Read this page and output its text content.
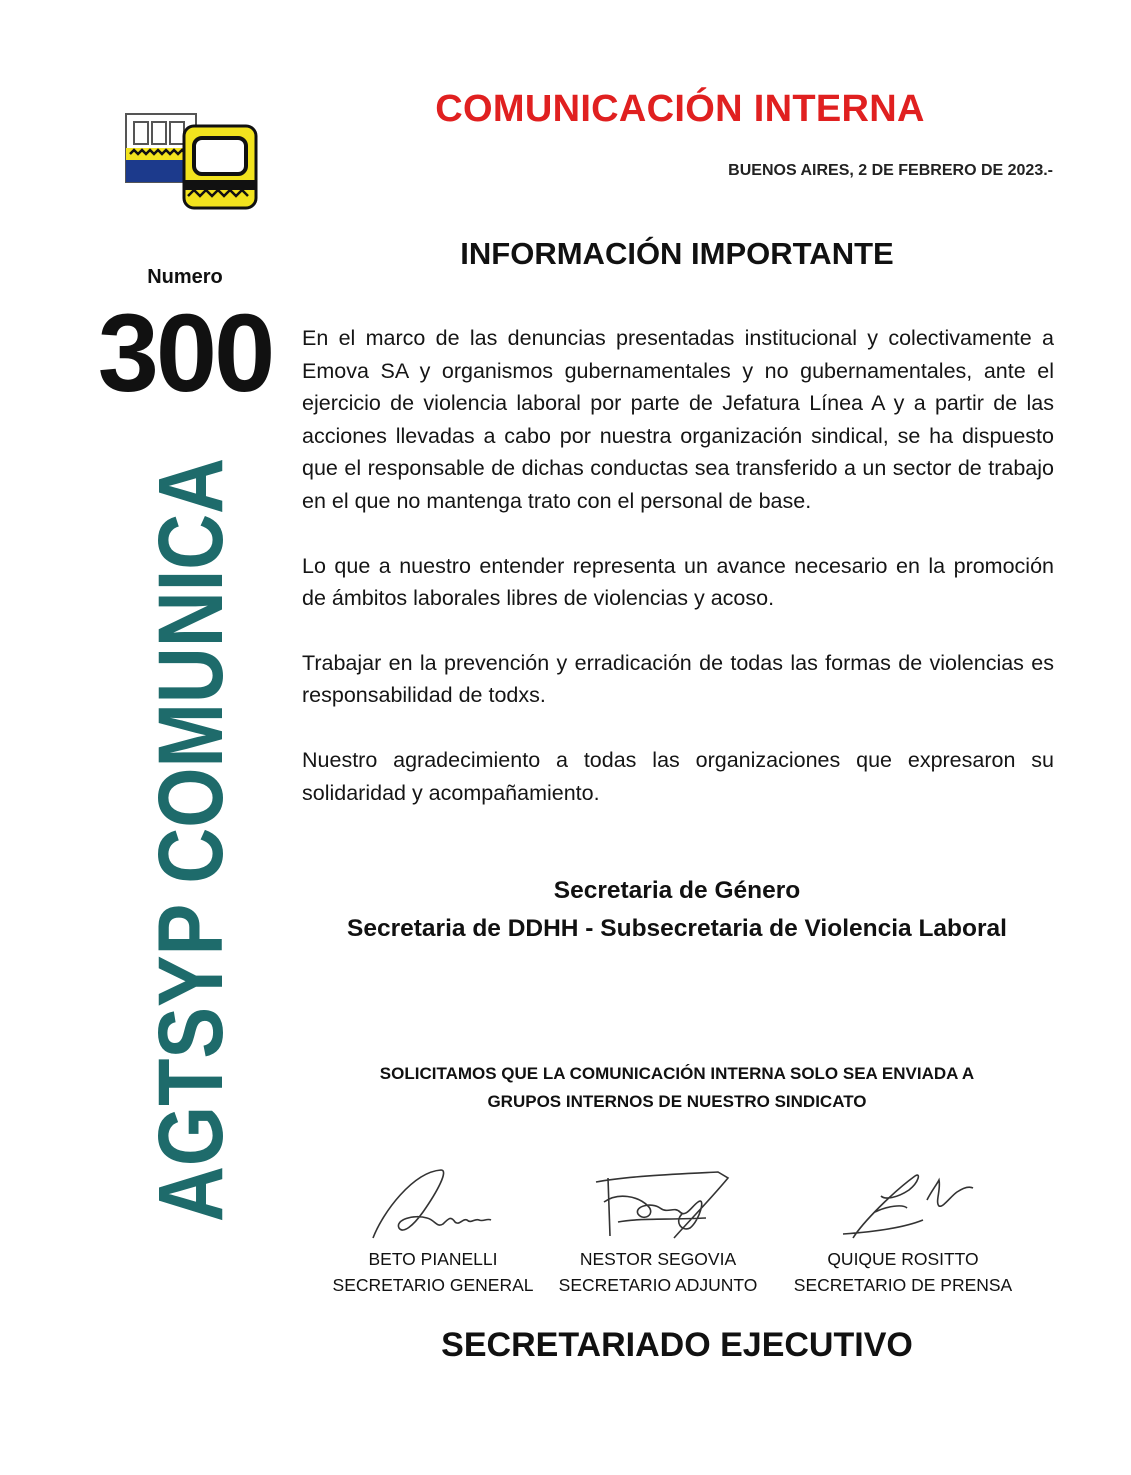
COMUNICACIÓN INTERNA
BUENOS AIRES, 2 DE FEBRERO DE 2023.-
Numero
300
AGTSYP COMUNI
INFORMACIÓN IMPORTANTE

En el marco de las denuncias presentadas institucional y colectivamente a Emova SA y organismos gubernamentales y no gubernamentales, ante el ejercicio de violencia laboral por parte de Jefatura Línea A y a partir de las acciones llevadas a cabo por nuestra organización sindical, se ha dispuesto que el responsable de dichas conductas sea transferido a un sector de trabajo en el que no mantenga trato con el personal de base.

Lo que a nuestro entender representa un avance necesario en la promoción de ámbitos laborales libres de violencias y acoso.

Trabajar en la prevención y erradicación de todas las formas de violencias es responsabilidad de todxs.

Nuestro agradecimiento a todas las organizaciones que expresaron su solidaridad y acompañamiento.

Secretaria de Género
Secretaria de DDHH - Subsecretaria de Violencia Laboral
SOLICITAMOS QUE LA COMUNICACIÓN INTERNA SOLO SEA ENVIADA A
GRUPOS INTERNOS DE NUESTRO SINDICATO
BETO PIANELLI
SECRETARIO GENERAL
NESTOR SEGOVIA
SECRETARIO ADJUNTO
QUIQUE ROSITTO
SECRETARIO DE PRENSA
SECRETARIADO EJECUTIVO
